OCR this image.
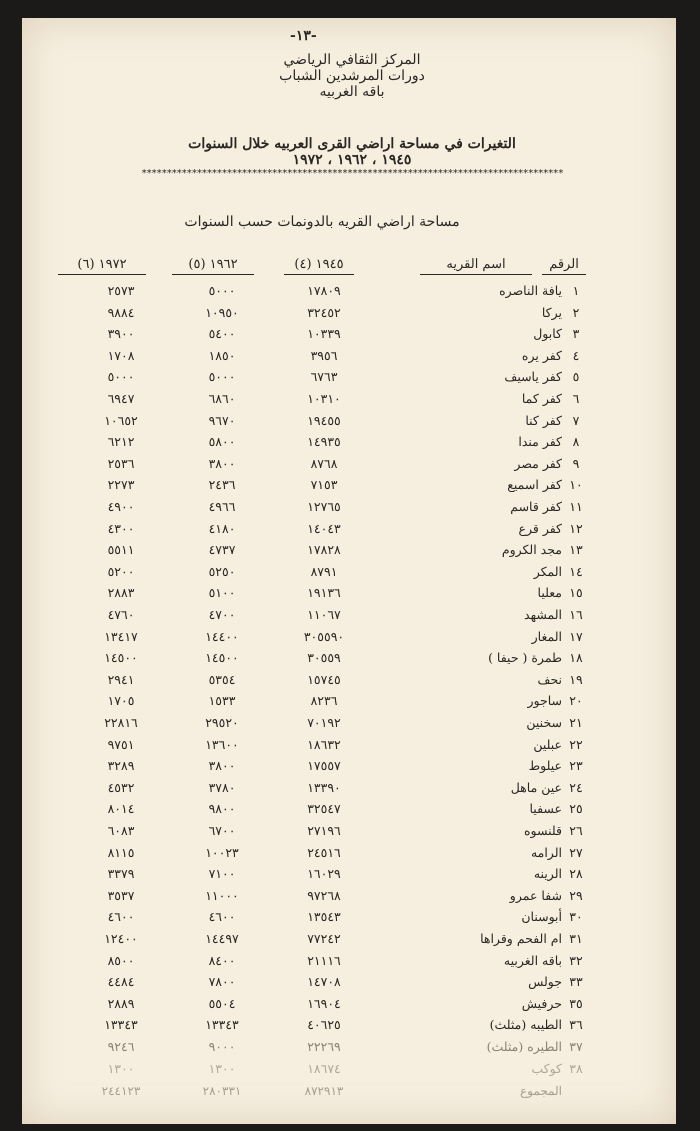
-١٣-
المركز الثقافي الرياضي
دورات المرشدين الشباب
باقه الغربيه
التغيرات في مساحة اراضي القرى العربيه خلال السنوات
١٩٤٥ ، ١٩٦٢ ، ١٩٧٢
************************************************************************************
مساحة اراضي القريه بالدونمات حسب السنوات
الرقم
اسم القريه
١٩٤٥ (٤)
١٩٦٢ (٥)
١٩٧٢ (٦)
١
يافة الناصره
١٧٨٠٩
٥٠٠٠
٢٥٧٣
٢
يركا
٣٢٤٥٢
١٠٩٥٠
٩٨٨٤
٣
كابول
١٠٣٣٩
٥٤٠٠
٣٩٠٠
٤
كفر يره
٣٩٥٦
١٨٥٠
١٧٠٨
٥
كفر ياسيف
٦٧٦٣
٥٠٠٠
٥٠٠٠
٦
كفر كما
١٠٣١٠
٦٨٦٠
٦٩٤٧
٧
كفر كنا
١٩٤٥٥
٩٦٧٠
١٠٦٥٢
٨
كفر مندا
١٤٩٣٥
٥٨٠٠
٦٢١٢
٩
كفر مصر
٨٧٦٨
٣٨٠٠
٢٥٣٦
١٠
كفر اسميع
٧١٥٣
٢٤٣٦
٢٢٧٣
١١
كفر قاسم
١٢٧٦٥
٤٩٦٦
٤٩٠٠
١٢
كفر قرع
١٤٠٤٣
٤١٨٠
٤٣٠٠
١٣
مجد الكروم
١٧٨٢٨
٤٧٣٧
٥٥١١
١٤
المكر
٨٧٩١
٥٢٥٠
٥٢٠٠
١٥
معليا
١٩١٣٦
٥١٠٠
٢٨٨٣
١٦
المشهد
١١٠٦٧
٤٧٠٠
٤٧٦٠
١٧
المغار
٣٠٥٥٩٠
١٤٤٠٠
١٣٤١٧
١٨
طمرة ( حيفا )
٣٠٥٥٩
١٤٥٠٠
١٤٥٠٠
١٩
نحف
١٥٧٤٥
٥٣٥٤
٢٩٤١
٢٠
ساجور
٨٢٣٦
١٥٣٣
١٧٠٥
٢١
سخنين
٧٠١٩٢
٢٩٥٢٠
٢٢٨١٦
٢٢
عبلين
١٨٦٣٢
١٣٦٠٠
٩٧٥١
٢٣
عيلوط
١٧٥٥٧
٣٨٠٠
٣٢٨٩
٢٤
عين ماهل
١٣٣٩٠
٣٧٨٠
٤٥٣٢
٢٥
عسفيا
٣٢٥٤٧
٩٨٠٠
٨٠١٤
٢٦
قلنسوه
٢٧١٩٦
٦٧٠٠
٦٠٨٣
٢٧
الرامه
٢٤٥١٦
١٠٠٢٣
٨١١٥
٢٨
الرينه
١٦٠٢٩
٧١٠٠
٣٣٧٩
٢٩
شفا عمرو
٩٧٢٦٨
١١٠٠٠
٣٥٣٧
٣٠
أبوسنان
١٣٥٤٣
٤٦٠٠
٤٦٠٠
٣١
ام الفحم وقراها
٧٧٢٤٢
١٤٤٩٧
١٢٤٠٠
٣٢
باقه الغربيه
٢١١١٦
٨٤٠٠
٨٥٠٠
٣٣
جولس
١٤٧٠٨
٧٨٠٠
٤٤٨٤
٣٥
حرفيش
١٦٩٠٤
٥٥٠٤
٢٨٨٩
٣٦
الطيبه (مثلث)
٤٠٦٢٥
١٣٣٤٣
١٣٣٤٣
٣٧
الطيره (مثلث)
٢٢٢٦٩
٩٠٠٠
٩٢٤٦
٣٨
كوكب
١٨٦٧٤
١٣٠٠
١٣٠٠
المجموع
٨٧٢٩١٣
٢٨٠٣٣١
٢٤٤١٢٣
